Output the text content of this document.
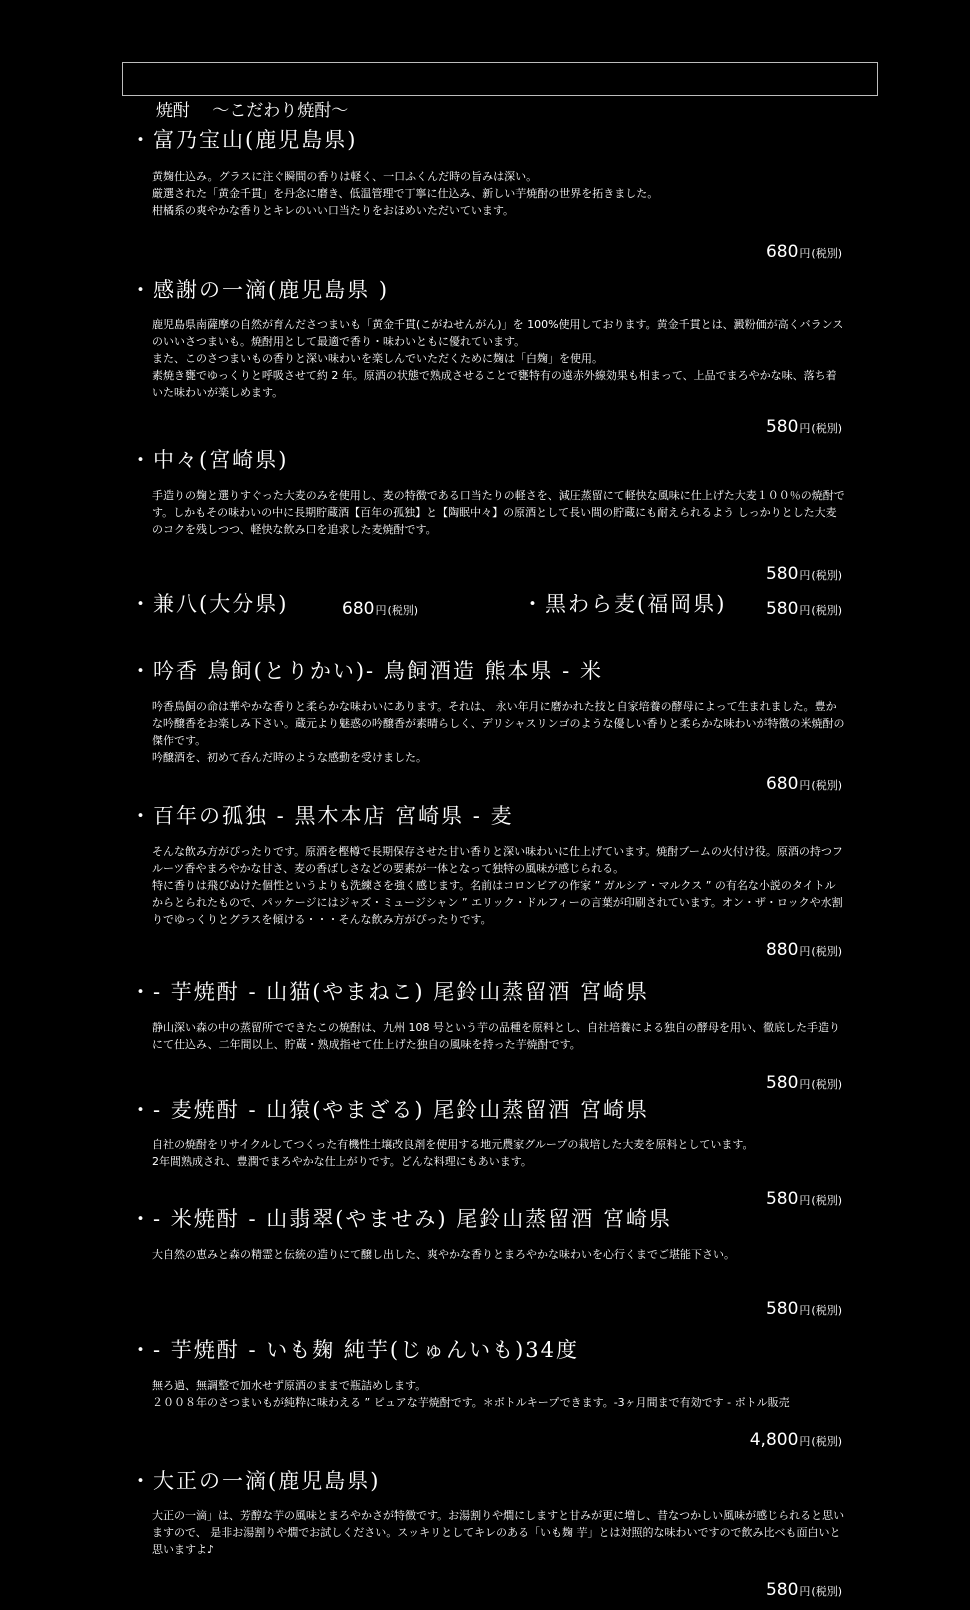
焼酎　 〜こだわり焼酎〜

・富乃宝山(鹿児島県)

黄麹仕込み。グラスに注ぐ瞬間の香りは軽く、一口ふくんだ時の旨みは深い。

厳選された「黄金千貫」を丹念に磨き、低温管理で丁寧に仕込み、新しい芋焼酎の世界を拓きました。

柑橘系の爽やかな香りとキレのいい口当たりをおほめいただいています。

680円(税別)
・感謝の一滴(鹿児島県 )

鹿児島県南薩摩の自然が育んださつまいも「黄金千貫(こがねせんがん)」を 100%使用しております。黄金千貫とは、澱粉価が高くバランスのいいさつまいも。焼酎用として最適で香り・味わいともに優れています。

また、このさつまいもの香りと深い味わいを楽しんでいただくために麹は「白麹」を使用。

素焼き甕でゆっくりと呼吸させて約 2 年。原酒の状態で熟成させることで甕特有の遠赤外線効果も相まって、上品でまろやかな味、落ち着いた味わいが楽しめます。

580円(税別)
・中々(宮崎県)

手造りの麹と選りすぐった大麦のみを使用し、麦の特徴である口当たりの軽さを、減圧蒸留にて軽快な風味に仕上げた大麦１００％の焼酎です。しかもその味わいの中に長期貯蔵酒【百年の孤独】と【陶眠中々】の原酒として長い間の貯蔵にも耐えられるよう しっかりとした大麦のコクを残しつつ、軽快な飲み口を追求した麦焼酎です。

580円(税別)
・兼八(大分県)	680円(税別)	・黒わら麦(福岡県) 580円(税別)
・吟香 鳥飼(とりかい)- 鳥飼酒造 熊本県 - 米

吟香鳥飼の命は華やかな香りと柔らかな味わいにあります。それは、 永い年月に磨かれた技と自家培養の酵母によって生まれました。豊かな吟醸香をお楽しみ下さい。蔵元より魅惑の吟醸香が素晴らしく、デリシャスリンゴのような優しい香りと柔らかな味わいが特徴の米焼酎の傑作です。

吟醸酒を、初めて呑んだ時のような感動を受けました。

680円(税別)
・百年の孤独 - 黒木本店 宮崎県 - 麦

そんな飲み方がぴったりです。原酒を樫樽で長期保存させた甘い香りと深い味わいに仕上げています。焼酎ブームの火付け役。原酒の持つフルーツ香やまろやかな甘さ、麦の香ばしさなどの要素が一体となって独特の風味が感じられる。

特に香りは飛びぬけた個性というよりも洗練さを強く感じます。名前はコロンビアの作家 ” ガルシア・マルクス ” の有名な小説のタイトルからとられたもので、パッケージにはジャズ・ミュージシャン ” エリック・ドルフィーの言葉が印刷されています。オン・ザ・ロックや水割りでゆっくりとグラスを傾ける・・・そんな飲み方がぴったりです。

880円(税別)
・- 芋焼酎 - 山猫(やまねこ) 尾鈴山蒸留酒 宮崎県

静山深い森の中の蒸留所でできたこの焼酎は、九州 108 号という芋の品種を原料とし、自社培養による独自の酵母を用い、徹底した手造りにて仕込み、二年間以上、貯蔵・熟成指せて仕上げた独自の風味を持った芋焼酎です。

580円(税別)
・- 麦焼酎 - 山猿(やまざる) 尾鈴山蒸留酒 宮崎県

自社の焼酎をリサイクルしてつくった有機性土壌改良剤を使用する地元農家グループの栽培した大麦を原料としています。

2年間熟成され、豊潤でまろやかな仕上がりです。どんな料理にもあいます。

580円(税別)
・- 米焼酎 - 山翡翠(やませみ) 尾鈴山蒸留酒 宮崎県

大自然の恵みと森の精霊と伝統の造りにて醸し出した、爽やかな香りとまろやかな味わいを心行くまでご堪能下さい。

580円(税別)
・- 芋焼酎 - いも麹 純芋(じゅんいも)34度

無ろ過、無調整で加水せず原酒のままで瓶詰めします。

２００８年のさつまいもが純粋に味わえる ” ピュアな芋焼酎です。＊ボトルキープできます。-3ヶ月間まで有効です - ボトル販売

4,800円(税別)
・大正の一滴(鹿児島県)

大正の一滴」は、芳醇な芋の風味とまろやかさが特徴です。お湯割りや燗にしますと甘みが更に増し、昔なつかしい風味が感じられると思いますので、 是非お湯割りや燗でお試しください。スッキリとしてキレのある「いも麹 芋」とは対照的な味わいですので飲み比べも面白いと思いますよ♪

580円(税別)
